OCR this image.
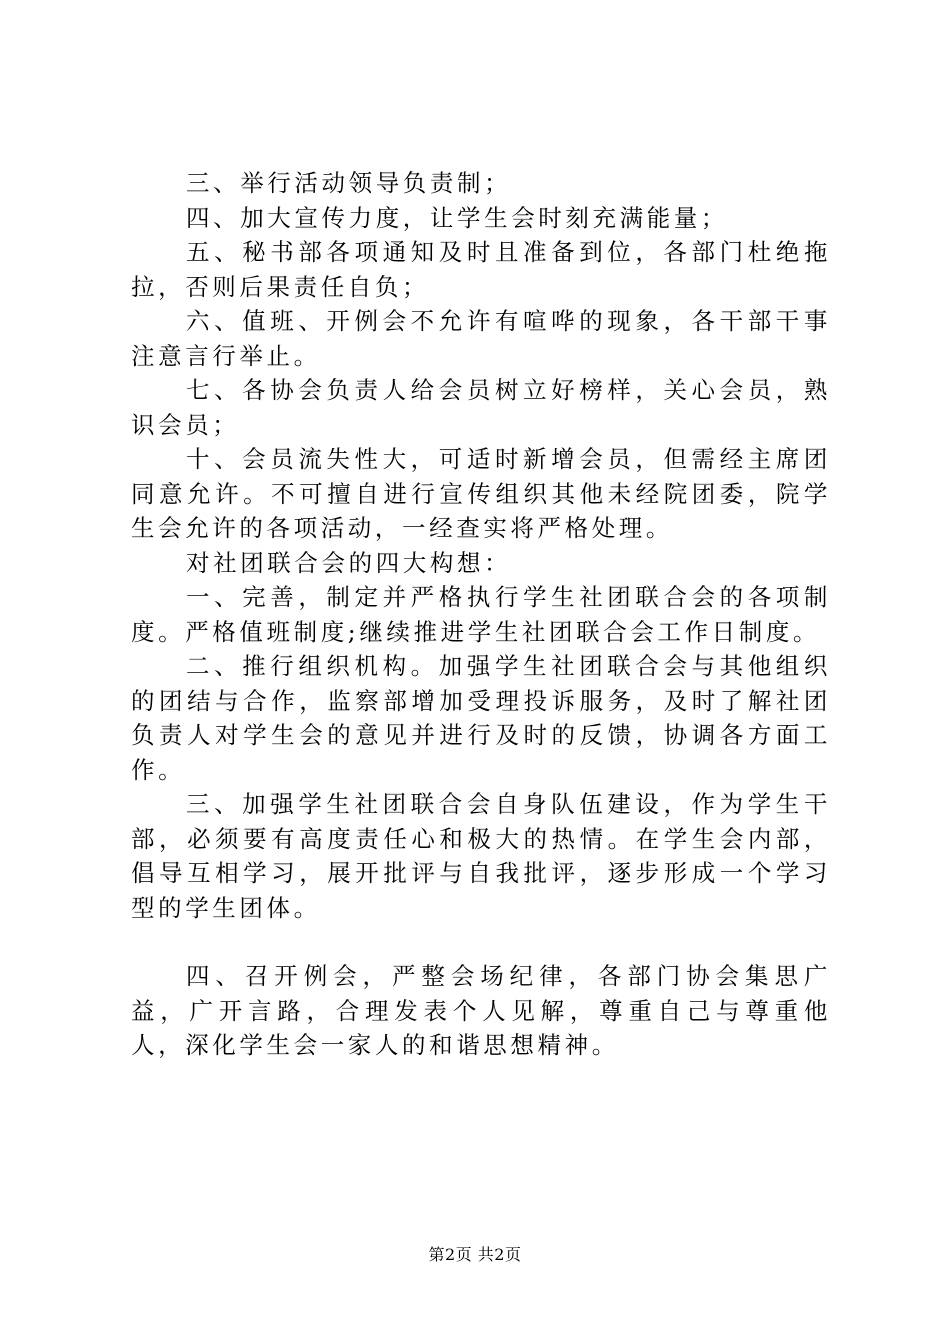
三、举行活动领导负责制；

四、加大宣传力度，让学生会时刻充满能量；

五、秘书部各项通知及时且准备到位，各部门杜绝拖拉，否则后果责任自负；

六、值班、开例会不允许有喧哗的现象，各干部干事注意言行举止。

七、各协会负责人给会员树立好榜样，关心会员，熟识会员；

十、会员流失性大，可适时新增会员，但需经主席团同意允许。不可擅自进行宣传组织其他未经院团委，院学生会允许的各项活动，一经查实将严格处理。

对社团联合会的四大构想：

一、完善，制定并严格执行学生社团联合会的各项制度。严格值班制度;继续推进学生社团联合会工作日制度。

二、推行组织机构。加强学生社团联合会与其他组织的团结与合作，监察部增加受理投诉服务，及时了解社团负责人对学生会的意见并进行及时的反馈，协调各方面工作。

三、加强学生社团联合会自身队伍建设，作为学生干部，必须要有高度责任心和极大的热情。在学生会内部，倡导互相学习，展开批评与自我批评，逐步形成一个学习型的学生团体。

四、召开例会，严整会场纪律，各部门协会集思广益，广开言路，合理发表个人见解，尊重自己与尊重他人，深化学生会一家人的和谐思想精神。

第2页 共2页
